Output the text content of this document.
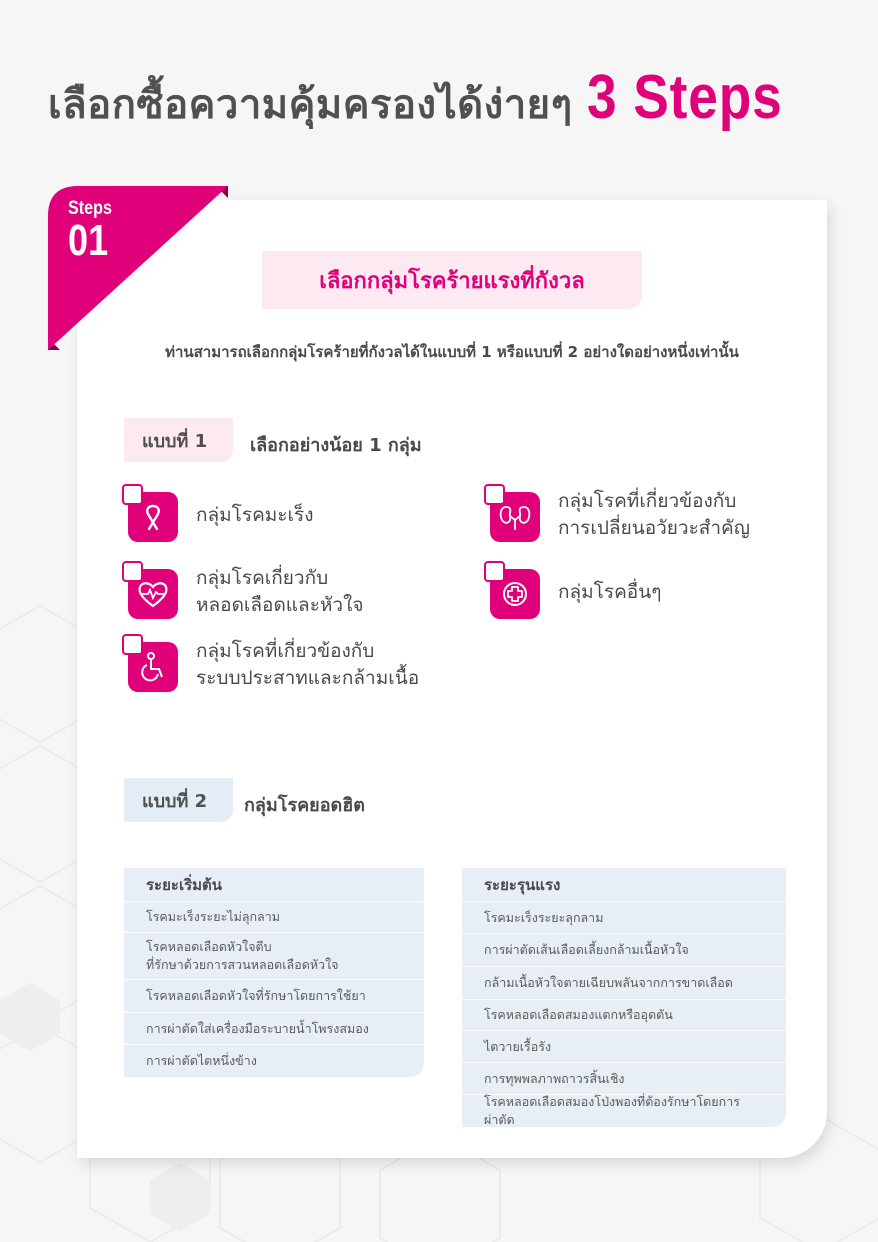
เลือกซื้อความคุ้มครองได้ง่ายๆ 3 Steps
Steps
01
เลือกกลุ่มโรคร้ายแรงที่กังวล
ท่านสามารถเลือกกลุ่มโรคร้ายที่กังวลได้ในแบบที่ 1 หรือแบบที่ 2 อย่างใดอย่างหนึ่งเท่านั้น
แบบที่ 1	เลือกอย่างน้อย 1 กลุ่ม
กลุ่มโรคมะเร็ง
กลุ่มโรคเกี่ยวกับ
หลอดเลือดและหัวใจ
กลุ่มโรคที่เกี่ยวข้องกับ
ระบบประสาทและกล้ามเนื้อ
กลุ่มโรคที่เกี่ยวข้องกับ
การเปลี่ยนอวัยวะสำคัญ
กลุ่มโรคอื่นๆ
แบบที่ 2	กลุ่มโรคยอดฮิต
ระยะเริ่มต้น
โรคมะเร็งระยะไม่ลุกลาม
โรคหลอดเลือดหัวใจตีบ
ที่รักษาด้วยการสวนหลอดเลือดหัวใจ
โรคหลอดเลือดหัวใจที่รักษาโดยการใช้ยา
การผ่าตัดใส่เครื่องมือระบายน้ำโพรงสมอง
การผ่าตัดไตหนึ่งข้าง
ระยะรุนแรง
โรคมะเร็งระยะลุกลาม
การผ่าตัดเส้นเลือดเลี้ยงกล้ามเนื้อหัวใจ
กล้ามเนื้อหัวใจตายเฉียบพลันจากการขาดเลือด
โรคหลอดเลือดสมองแตกหรืออุดตัน
ไตวายเรื้อรัง
การทุพพลภาพถาวรสิ้นเชิง
โรคหลอดเลือดสมองโป่งพองที่ต้องรักษาโดยการผ่าตัด
